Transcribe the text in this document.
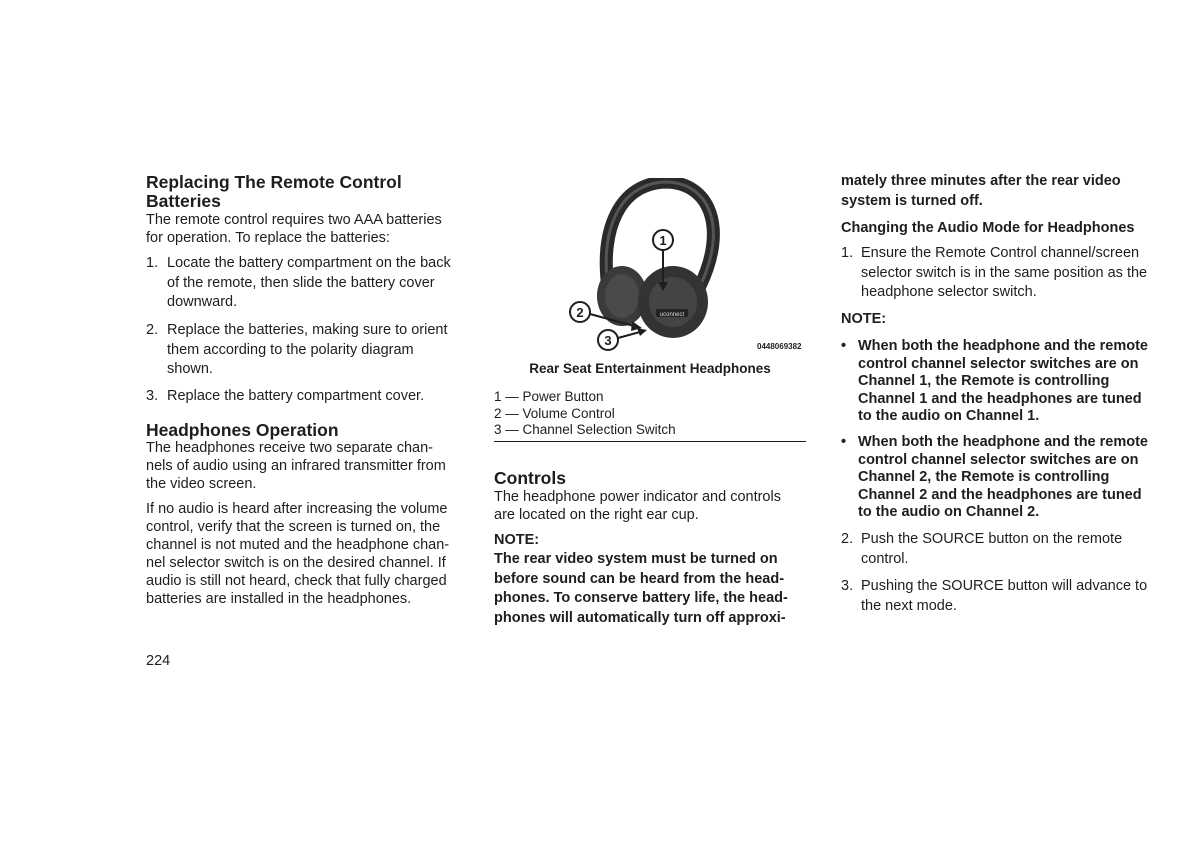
Replacing The Remote Control
Batteries
The remote control requires two AAA batteries
for operation. To replace the batteries:
1. Locate the battery compartment on the back
of the remote, then slide the battery cover
downward.
2. Replace the batteries, making sure to orient
them according to the polarity diagram
shown.
3. Replace the battery compartment cover.
Headphones Operation
The headphones receive two separate chan-
nels of audio using an infrared transmitter from
the video screen.
If no audio is heard after increasing the volume
control, verify that the screen is turned on, the
channel is not muted and the headphone chan-
nel selector switch is on the desired channel. If
audio is still not heard, check that fully charged
batteries are installed in the headphones.
224
uconnect
1
2
3	0448069382
Rear Seat Entertainment Headphones
1 — Power Button
2 — Volume Control
3 — Channel Selection Switch
Controls
The headphone power indicator and controls
are located on the right ear cup.
NOTE:
The rear video system must be turned on
before sound can be heard from the head-
phones. To conserve battery life, the head-
phones will automatically turn off approxi-
mately three minutes after the rear video
system is turned off.
Changing the Audio Mode for Headphones
1. Ensure the Remote Control channel/screen
selector switch is in the same position as the
headphone selector switch.
NOTE:
• When both the headphone and the remote
control channel selector switches are on
Channel 1, the Remote is controlling
Channel 1 and the headphones are tuned
to the audio on Channel 1.
• When both the headphone and the remote
control channel selector switches are on
Channel 2, the Remote is controlling
Channel 2 and the headphones are tuned
to the audio on Channel 2.
2. Push the SOURCE button on the remote
control.
3. Pushing the SOURCE button will advance to
the next mode.
